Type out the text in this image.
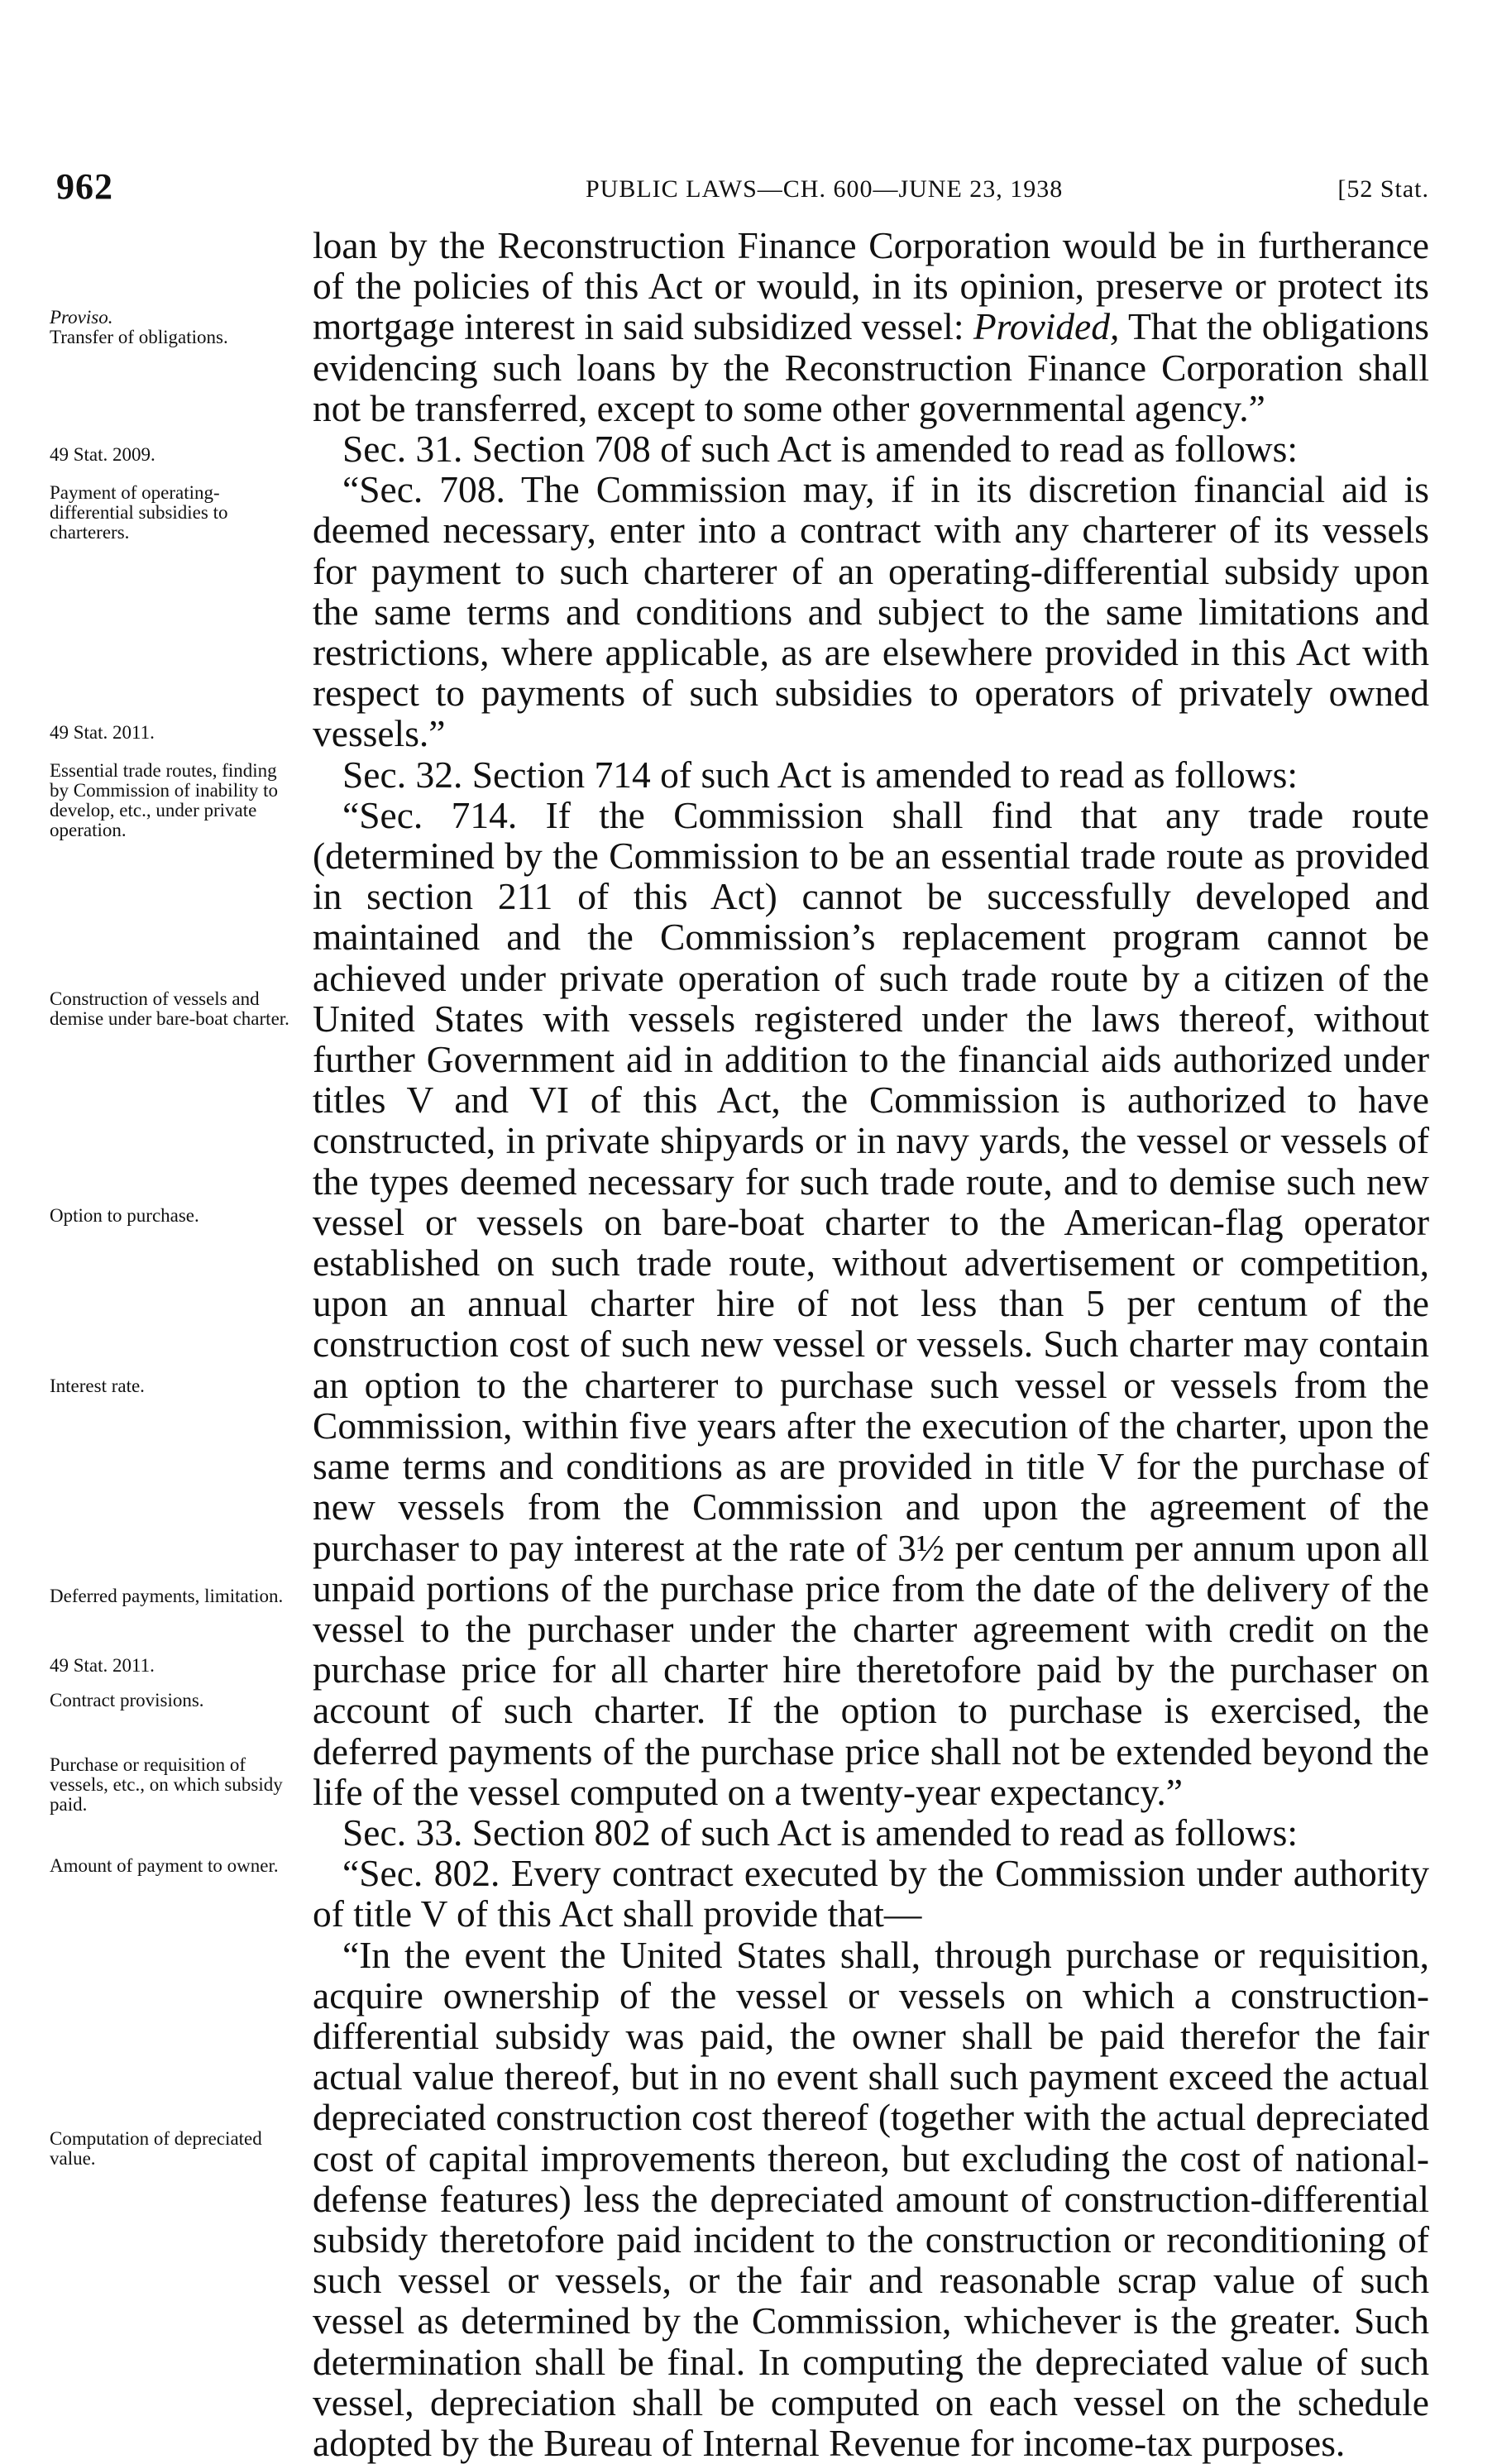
962	PUBLIC LAWS—CH. 600—JUNE 23, 1938	[52 Stat.
Proviso.
Transfer of obligations.
49 Stat. 2009.
Payment of operating-differential subsidies to charterers.
49 Stat. 2011.
Essential trade routes, finding by Commission of inability to develop, etc., under private operation.
Construction of vessels and demise under bare-boat charter.
Option to purchase.
Interest rate.
Deferred payments, limitation.
49 Stat. 2011.
Contract provisions.
Purchase or requisition of vessels, etc., on which subsidy paid.
Amount of payment to owner.
Computation of depreciated value.

loan by the Reconstruction Finance Corporation would be in furtherance of the policies of this Act or would, in its opinion, preserve or protect its mortgage interest in said subsidized vessel: Provided, That the obligations evidencing such loans by the Reconstruction Finance Corporation shall not be transferred, except to some other governmental agency.”

Sec. 31. Section 708 of such Act is amended to read as follows:

“Sec. 708. The Commission may, if in its discretion financial aid is deemed necessary, enter into a contract with any charterer of its vessels for payment to such charterer of an operating-differential subsidy upon the same terms and conditions and subject to the same limitations and restrictions, where applicable, as are elsewhere provided in this Act with respect to payments of such subsidies to operators of privately owned vessels.”

Sec. 32. Section 714 of such Act is amended to read as follows:

“Sec. 714. If the Commission shall find that any trade route (determined by the Commission to be an essential trade route as provided in section 211 of this Act) cannot be successfully developed and maintained and the Commission’s replacement program cannot be achieved under private operation of such trade route by a citizen of the United States with vessels registered under the laws thereof, without further Government aid in addition to the financial aids authorized under titles V and VI of this Act, the Commission is authorized to have constructed, in private shipyards or in navy yards, the vessel or vessels of the types deemed necessary for such trade route, and to demise such new vessel or vessels on bare-boat charter to the American-flag operator established on such trade route, without advertisement or competition, upon an annual charter hire of not less than 5 per centum of the construction cost of such new vessel or vessels. Such charter may contain an option to the charterer to purchase such vessel or vessels from the Commission, within five years after the execution of the charter, upon the same terms and conditions as are provided in title V for the purchase of new vessels from the Commission and upon the agreement of the purchaser to pay interest at the rate of 3½ per centum per annum upon all unpaid portions of the purchase price from the date of the delivery of the vessel to the purchaser under the charter agreement with credit on the purchase price for all charter hire theretofore paid by the purchaser on account of such charter. If the option to purchase is exercised, the deferred payments of the purchase price shall not be extended beyond the life of the vessel computed on a twenty-year expectancy.”

Sec. 33. Section 802 of such Act is amended to read as follows:

“Sec. 802. Every contract executed by the Commission under authority of title V of this Act shall provide that—

“In the event the United States shall, through purchase or requisition, acquire ownership of the vessel or vessels on which a construction-differential subsidy was paid, the owner shall be paid therefor the fair actual value thereof, but in no event shall such payment exceed the actual depreciated construction cost thereof (together with the actual depreciated cost of capital improvements thereon, but excluding the cost of national-defense features) less the depreciated amount of construction-differential subsidy theretofore paid incident to the construction or reconditioning of such vessel or vessels, or the fair and reasonable scrap value of such vessel as determined by the Commission, whichever is the greater. Such determination shall be final. In computing the depreciated value of such vessel, depreciation shall be computed on each vessel on the schedule adopted by the Bureau of Internal Revenue for income-tax purposes.
